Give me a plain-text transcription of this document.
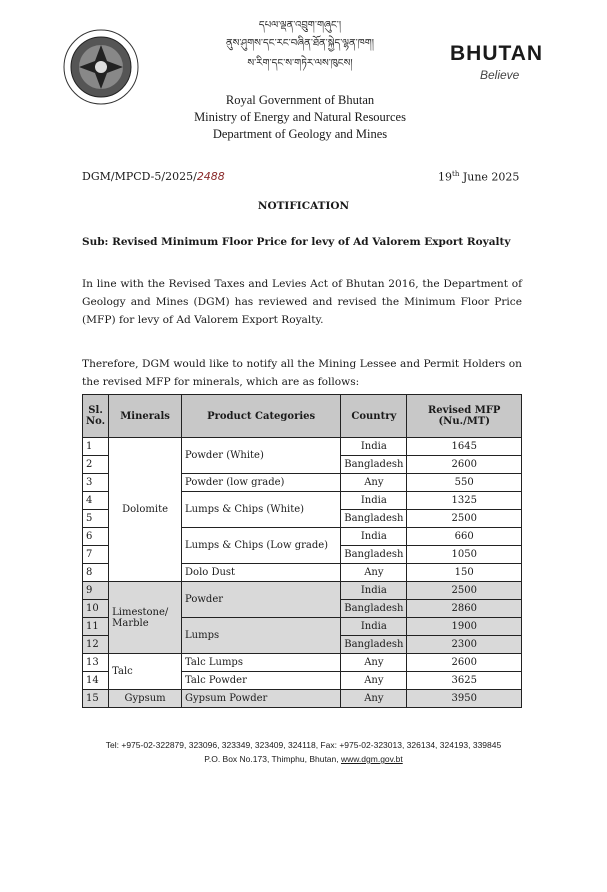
དཔལ་ལྡན་འབྲུག་གཞུང་།
ནུས་ཤུགས་དང་རང་བཞིན་ཐོན་སྐྱེད་ལྷན་ཁག།
ས་རིག་དང་ས་གཏེར་ལས་ཁུངས།
Royal Government of Bhutan
Ministry of Energy and Natural Resources
Department of Geology and Mines
BHUTAN
Believe
DGM/MPCD-5/2025/2488	19th June 2025
NOTIFICATION
Sub: Revised Minimum Floor Price for levy of Ad Valorem Export Royalty
In line with the Revised Taxes and Levies Act of Bhutan 2016, the Department of Geology and Mines (DGM) has reviewed and revised the Minimum Floor Price (MFP) for levy of Ad Valorem Export Royalty.
Therefore, DGM would like to notify all the Mining Lessee and Permit Holders on the revised MFP for minerals, which are as follows:
Sl. No.	Minerals	Product Categories	Country	Revised MFP (Nu./MT)
1	Dolomite	Powder (White)	India	1645
2			Bangladesh	2600
3		Powder (low grade)	Any	550
4		Lumps & Chips (White)	India	1325
5			Bangladesh	2500
6		Lumps & Chips (Low grade)	India	660
7			Bangladesh	1050
8		Dolo Dust	Any	150
9	Limestone/ Marble	Powder	India	2500
10			Bangladesh	2860
11		Lumps	India	1900
12			Bangladesh	2300
13	Talc	Talc Lumps	Any	2600
14		Talc Powder	Any	3625
15	Gypsum	Gypsum Powder	Any	3950
Tel: +975-02-322879, 323096, 323349, 323409, 324118, Fax: +975-02-323013, 326134, 324193, 339845
P.O. Box No.173, Thimphu, Bhutan, www.dgm.gov.bt
